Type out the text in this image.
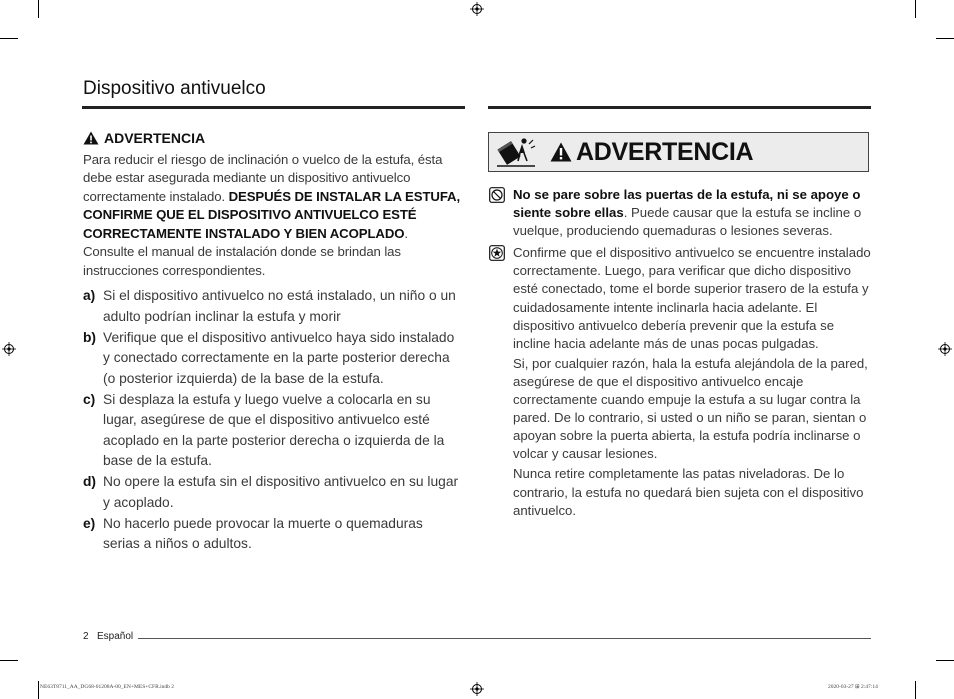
Dispositivo antivuelco
ADVERTENCIA

Para reducir el riesgo de inclinación o vuelco de la estufa, ésta debe estar asegurada mediante un dispositivo antivuelco correctamente instalado. DESPUÉS DE INSTALAR LA ESTUFA, CONFIRME QUE EL DISPOSITIVO ANTIVUELCO ESTÉ CORRECTAMENTE INSTALADO Y BIEN ACOPLADO. Consulte el manual de instalación donde se brindan las instrucciones correspondientes.

a) Si el dispositivo antivuelco no está instalado, un niño o un adulto podrían inclinar la estufa y morir
b) Verifique que el dispositivo antivuelco haya sido instalado y conectado correctamente en la parte posterior derecha (o posterior izquierda) de la base de la estufa.
c) Si desplaza la estufa y luego vuelve a colocarla en su lugar, asegúrese de que el dispositivo antivuelco esté acoplado en la parte posterior derecha o izquierda de la base de la estufa.
d) No opere la estufa sin el dispositivo antivuelco en su lugar y acoplado.
e) No hacerlo puede provocar la muerte o quemaduras serias a niños o adultos.
ADVERTENCIA

No se pare sobre las puertas de la estufa, ni se apoye o siente sobre ellas. Puede causar que la estufa se incline o vuelque, produciendo quemaduras o lesiones severas.

Confirme que el dispositivo antivuelco se encuentre instalado correctamente. Luego, para verificar que dicho dispositivo esté conectado, tome el borde superior trasero de la estufa y cuidadosamente intente inclinarla hacia adelante. El dispositivo antivuelco debería prevenir que la estufa se incline hacia adelante más de unas pocas pulgadas.

Si, por cualquier razón, hala la estufa alejándola de la pared, asegúrese de que el dispositivo antivuelco encaje correctamente cuando empuje la estufa a su lugar contra la pared. De lo contrario, si usted o un niño se paran, sientan o apoyan sobre la puerta abierta, la estufa podría inclinarse o volcar y causar lesiones.

Nunca retire completamente las patas niveladoras. De lo contrario, la estufa no quedará bien sujeta con el dispositivo antivuelco.

2 Español
NE63T8711_AA_DG68-01208A-00_EN+MES+CFR.indb 2	2020-03-27 ⊞ 2:47:14
